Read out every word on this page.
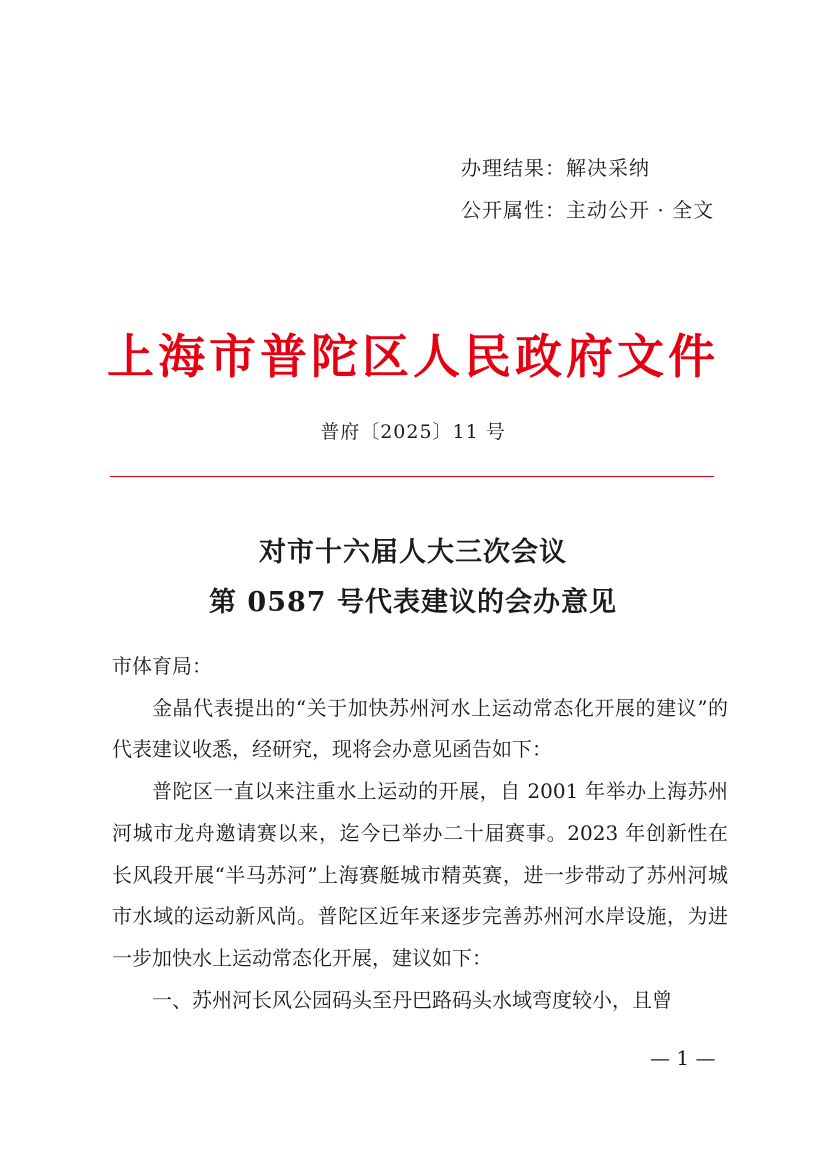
办理结果：解决采纳
公开属性：主动公开 · 全文
上海市普陀区人民政府文件
普府〔2025〕11 号
对市十六届人大三次会议
第 0587 号代表建议的会办意见

市体育局：

金晶代表提出的“关于加快苏州河水上运动常态化开展的建议”的代表建议收悉，经研究，现将会办意见函告如下：

普陀区一直以来注重水上运动的开展，自 2001 年举办上海苏州河城市龙舟邀请赛以来，迄今已举办二十届赛事。2023 年创新性在长风段开展“半马苏河”上海赛艇城市精英赛，进一步带动了苏州河城市水域的运动新风尚。普陀区近年来逐步完善苏州河水岸设施，为进一步加快水上运动常态化开展，建议如下：

一、苏州河长风公园码头至丹巴路码头水域弯度较小，且曾

— 1 —
